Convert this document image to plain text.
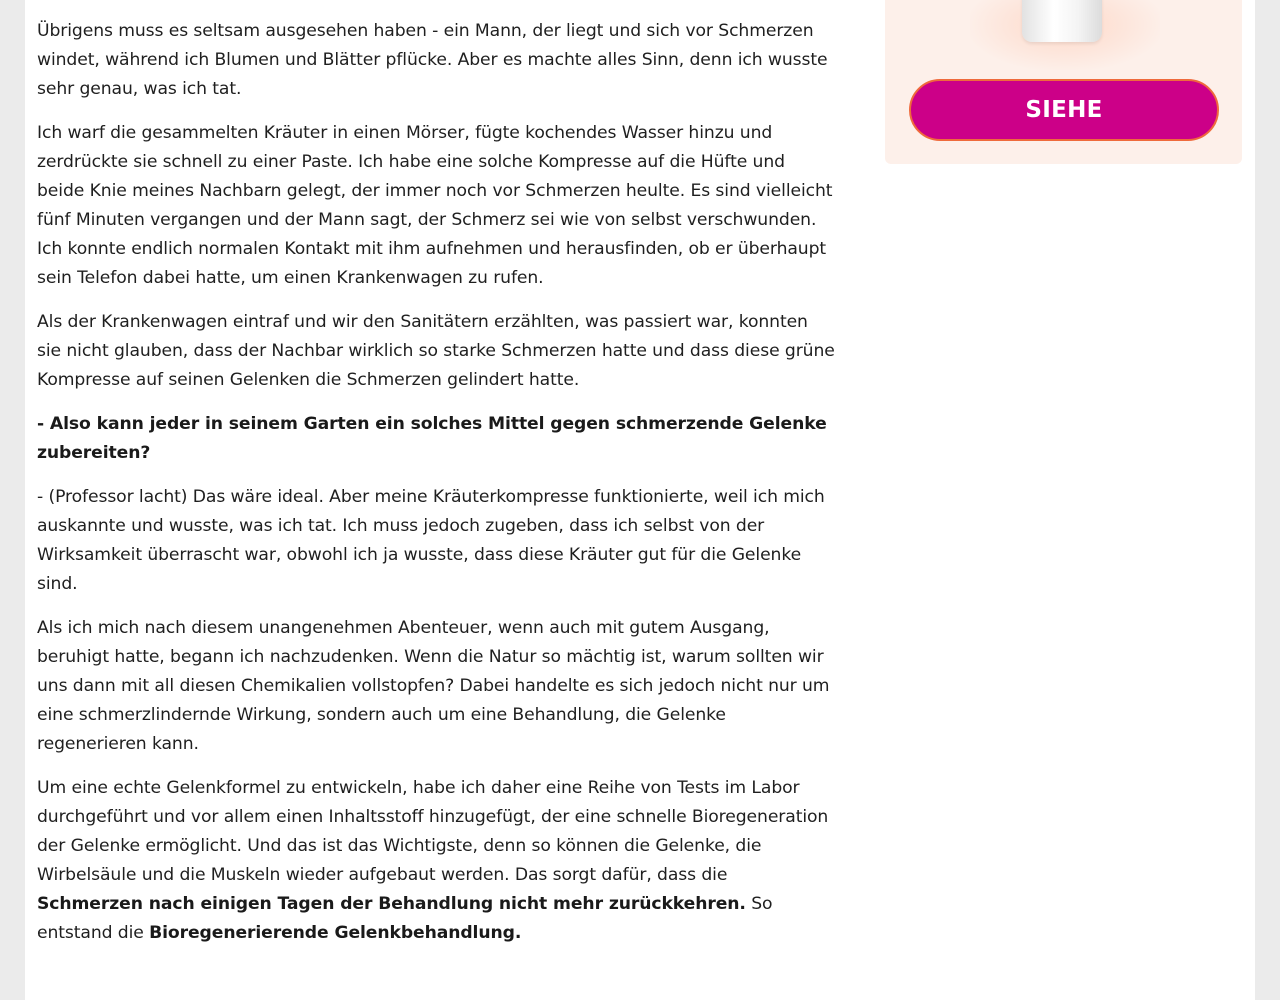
Übrigens muss es seltsam ausgesehen haben - ein Mann, der liegt und sich vor Schmerzen windet, während ich Blumen und Blätter pflücke. Aber es machte alles Sinn, denn ich wusste sehr genau, was ich tat.

Ich warf die gesammelten Kräuter in einen Mörser, fügte kochendes Wasser hinzu und zerdrückte sie schnell zu einer Paste. Ich habe eine solche Kompresse auf die Hüfte und beide Knie meines Nachbarn gelegt, der immer noch vor Schmerzen heulte. Es sind vielleicht fünf Minuten vergangen und der Mann sagt, der Schmerz sei wie von selbst verschwunden. Ich konnte endlich normalen Kontakt mit ihm aufnehmen und herausfinden, ob er überhaupt sein Telefon dabei hatte, um einen Krankenwagen zu rufen.

Als der Krankenwagen eintraf und wir den Sanitätern erzählten, was passiert war, konnten sie nicht glauben, dass der Nachbar wirklich so starke Schmerzen hatte und dass diese grüne Kompresse auf seinen Gelenken die Schmerzen gelindert hatte.

- Also kann jeder in seinem Garten ein solches Mittel gegen schmerzende Gelenke zubereiten?

- (Professor lacht) Das wäre ideal. Aber meine Kräuterkompresse funktionierte, weil ich mich auskannte und wusste, was ich tat. Ich muss jedoch zugeben, dass ich selbst von der Wirksamkeit überrascht war, obwohl ich ja wusste, dass diese Kräuter gut für die Gelenke sind.

Als ich mich nach diesem unangenehmen Abenteuer, wenn auch mit gutem Ausgang, beruhigt hatte, begann ich nachzudenken. Wenn die Natur so mächtig ist, warum sollten wir uns dann mit all diesen Chemikalien vollstopfen? Dabei handelte es sich jedoch nicht nur um eine schmerzlindernde Wirkung, sondern auch um eine Behandlung, die Gelenke regenerieren kann.

Um eine echte Gelenkformel zu entwickeln, habe ich daher eine Reihe von Tests im Labor durchgeführt und vor allem einen Inhaltsstoff hinzugefügt, der eine schnelle Bioregeneration der Gelenke ermöglicht. Und das ist das Wichtigste, denn so können die Gelenke, die Wirbelsäule und die Muskeln wieder aufgebaut werden. Das sorgt dafür, dass die Schmerzen nach einigen Tagen der Behandlung nicht mehr zurückkehren. So entstand die Bioregenerierende Gelenkbehandlung.

SIEHE
